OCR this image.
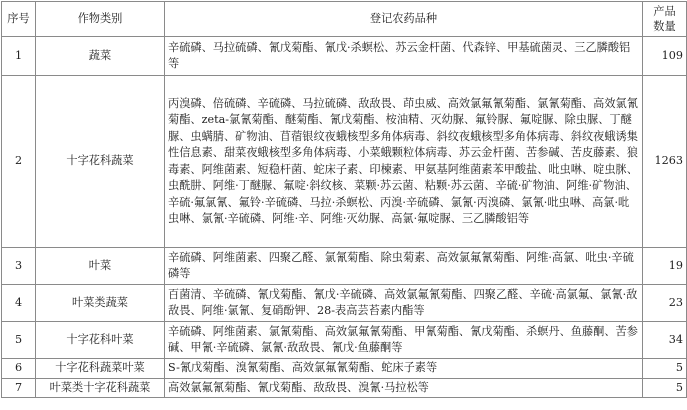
序号	作物类别	登记农药品种	产品
数量

1	蔬菜	辛硫磷、马拉硫磷、氰戊菊酯、氰戊·杀螟松、苏云金杆菌、代森锌、甲基硫菌灵、三乙膦酸铝等	109
2	十字花科蔬菜	丙溴磷、倍硫磷、辛硫磷、马拉硫磷、敌敌畏、茚虫威、高效氯氟氰菊酯、氯氰菊酯、高效氯氰菊酯、zeta-氯氰菊酯、醚菊酯、氰戊菊酯、桉油精、灭幼脲、氟铃脲、氟啶脲、除虫脲、丁醚脲、虫螨腈、矿物油、苜蓿银纹夜蛾核型多角体病毒、斜纹夜蛾核型多角体病毒、斜纹夜蛾诱集性信息素、甜菜夜蛾核型多角体病毒、小菜蛾颗粒体病毒、苏云金杆菌、苦参碱、苦皮藤素、狼毒素、阿维菌素、短稳杆菌、蛇床子素、印楝素、甲氨基阿维菌素苯甲酸盐、吡虫啉、啶虫脒、虫酰肼、阿维·丁醚脲、氟啶·斜纹核、菜颗·苏云菌、粘颗·苏云菌、辛硫·矿物油、阿维·矿物油、辛硫·氟氯氰、氟铃·辛硫磷、马拉·杀螟松、丙溴·辛硫磷、氯氰·丙溴磷、氯氰·吡虫啉、高氯·吡虫啉、氯氰·辛硫磷、阿维·辛、阿维·灭幼脲、高氯·氟啶脲、三乙膦酸铝等	1263
3	叶菜	辛硫磷、阿维菌素、四聚乙醛、氯氰菊酯、除虫菊素、高效氯氟氰菊酯、阿维·高氯、吡虫·辛硫磷等	19
4	叶菜类蔬菜	百菌清、辛硫磷、氰戊菊酯、氰戊·辛硫磷、高效氯氟氰菊酯、四聚乙醛、辛硫·高氯氟、氯氰·敌敌畏、阿维·氯氰、复硝酚钾、28-表高芸苔素内酯等	23
5	十字花科叶菜	辛硫磷、阿维菌素、氯氰菊酯、高效氯氟氰菊酯、甲氰菊酯、氰戊菊酯、杀螟丹、鱼藤酮、苦参碱、甲氰·辛硫磷、氯氰·敌敌畏、氰戊·鱼藤酮等	34
6	十字花科蔬菜叶菜	S-氰戊菊酯、溴氰菊酯、高效氯氟氰菊酯、蛇床子素等	5
7	叶菜类十字花科蔬菜	高效氯氟氰菊酯、氰戊菊酯、敌敌畏、溴氰·马拉松等	5
